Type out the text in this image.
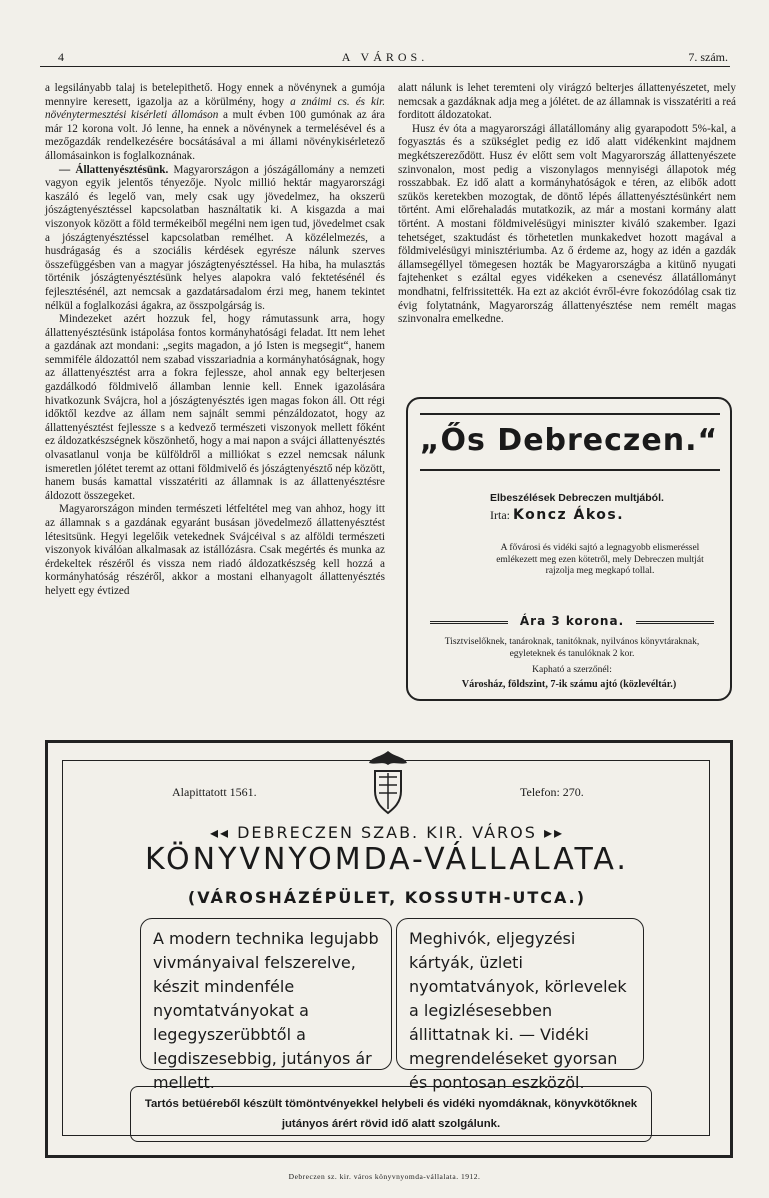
4	A VÁROS.	7. szám.

a legsilányabb talaj is betelepithető. Hogy ennek a növénynek a gumója mennyire keresett, igazolja az a körülmény, hogy a znáimi cs. és kir. növénytermesztési kisérleti állomáson a mult évben 100 gumónak az ára már 12 korona volt. Jó lenne, ha ennek a növénynek a termelésével és a mezőgazdák rendelkezésére bocsátásával a mi állami növénykisérletező állomásainkon is foglalkoznának.

— Állattenyésztésünk. Magyarországon a jószágállomány a nemzeti vagyon egyik jelentős tényezője. Nyolc millió hektár magyarországi kaszáló és legelő van, mely csak ugy jövedelmez, ha okszerü jószágtenyésztéssel kapcsolatban használtatik ki. A kisgazda a mai viszonyok között a föld termékeiből megélni nem igen tud, jövedelmet csak a jószágtenyésztéssel kapcsolatban remélhet. A közélelmezés, a husdrágaság és a szociális kérdések egyrésze nálunk szerves összefüggésben van a magyar jószágtenyésztéssel. Ha hiba, ha mulasztás történik jószágtenyésztésünk helyes alapokra való fektetésénél és fejlesztésénél, azt nemcsak a gazdatársadalom érzi meg, hanem tekintet nélkül a foglalkozási ágakra, az összpolgárság is.

Mindezeket azért hozzuk fel, hogy rámutassunk arra, hogy állattenyésztésünk istápolása fontos kormányhatósági feladat. Itt nem lehet a gazdának azt mondani: „segits magadon, a jó Isten is megsegit“, hanem semmiféle áldozattól nem szabad visszariadnia a kormányhatóságnak, hogy az állattenyésztést arra a fokra fejlessze, ahol annak egy belterjesen gazdálkodó földmivelő államban lennie kell. Ennek igazolására hivatkozunk Svájcra, hol a jószágtenyésztés igen magas fokon áll. Ott régi időktől kezdve az állam nem sajnált semmi pénzáldozatot, hogy az állattenyésztést fejlessze s a kedvező természeti viszonyok mellett főként ez áldozatkészségnek köszönhető, hogy a mai napon a svájci állattenyésztés olvasatlanul vonja be külföldről a milliókat s ezzel nemcsak nálunk ismeretlen jólétet teremt az ottani földmivelő és jószágtenyésztő nép között, hanem busás kamattal visszatériti az államnak is az állattenyésztésre áldozott összegeket.

Magyarországon minden természeti létfeltétel meg van ahhoz, hogy itt az államnak s a gazdának egyaránt busásan jövedelmező állattenyésztést létesitsünk. Hegyi legelőik vetekednek Svájcéival s az alföldi természeti viszonyok kiválóan alkalmasak az istállózásra. Csak megértés és munka az érdekeltek részéről és vissza nem riadó áldozatkészség kell hozzá a kormányhatóság részéről, akkor a mostani elhanyagolt állattenyésztés helyett egy évtized

alatt nálunk is lehet teremteni oly virágzó belterjes állattenyészetet, mely nemcsak a gazdáknak adja meg a jólétet. de az államnak is visszatériti a reá forditott áldozatokat.

Husz év óta a magyarországi állatállomány alig gyarapodott 5%-kal, a fogyasztás és a szükséglet pedig ez idő alatt vidékenkint majdnem megkétszereződött. Husz év előtt sem volt Magyarország állattenyészete szinvonalon, most pedig a viszonylagos mennyiségi állapotok még rosszabbak. Ez idő alatt a kormányhatóságok e téren, az elibők adott szükös keretekben mozogtak, de döntő lépés állattenyésztésünkért nem történt. Ami előrehaladás mutatkozik, az már a mostani kormány alatt történt. A mostani földmivelésügyi miniszter kiváló szakember. Igazi tehetséget, szaktudást és törhetetlen munkakedvet hozott magával a földmivelésügyi minisztériumba. Az ő érdeme az, hogy az idén a gazdák államsegéllyel tömegesen hozták be Magyarországba a kitünő nyugati fajtehenket s ezáltal egyes vidékeken a csenevész állatállományt mondhatni, felfrissitették. Ha ezt az akciót évről-évre fokozódólag csak tiz évig folytatnánk, Magyarország állattenyésztése nem remélt magas szinvonalra emelkedne.

„Ős Debreczen.“
Elbeszélések Debreczen multjából.
Irta: Koncz Ákos.
A fővárosi és vidéki sajtó a legnagyobb elismeréssel emlékezett meg ezen kötetről, mely Debreczen multját rajzolja meg megkapó tollal.
Ára 3 korona.
Tisztviselőknek, tanároknak, tanitóknak, nyilvános könyvtáraknak, egyleteknek és tanulóknak 2 kor.
Kapható a szerzőnél:
Városház, földszint, 7-ik számu ajtó (közlevéltár.)
Alapittatott 1561.	Telefon: 270.
◂◂ DEBRECZEN SZAB. KIR. VÁROS ▸▸
KÖNYVNYOMDA-VÁLLALATA.
(VÁROSHÁZÉPÜLET, KOSSUTH-UTCA.)

A modern technika legujabb vivmányaival felszerelve, készit mindenféle nyomtatványokat a legegyszerübbtől a legdiszesebbig, jutányos ár mellett.

Meghivók, eljegyzési kártyák, üzleti nyomtatványok, körlevelek a legizlésesebben állittatnak ki. — Vidéki megrendeléseket gyorsan és pontosan eszközöl.

Tartós betüéreből készült tömöntvényekkel helybeli és vidéki nyomdáknak, könyvkötőknek jutányos árért rövid idő alatt szolgálunk.

Debreczen sz. kir. város könyvnyomda-vállalata. 1912.
